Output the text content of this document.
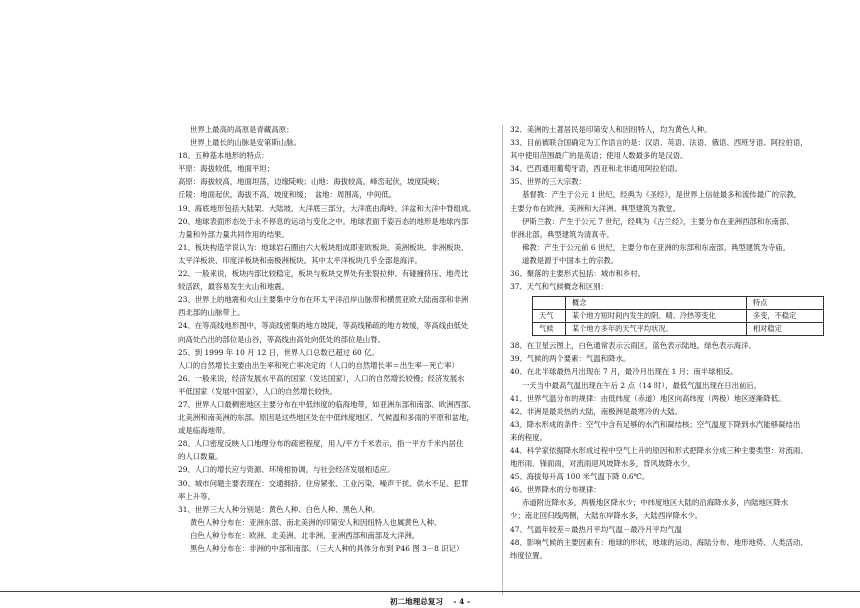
世界上最高的高原是青藏高原；
世界上最长的山脉是安第斯山脉。
18、五种基本地形的特点：
平原：海拔较低，地面平坦；
高原：海拔较高，地面坦荡，边缘陡峻；山地：海拔较高，峰峦起伏，坡度陡峻；
丘陵：地面起伏，海拔不高，坡度和缓；　盆地：周围高，中间低。
19、海底地形包括大陆架、大陆坡、大洋底三部分，大洋底由海岭、洋盆和大洋中脊组成。
20、地球表面形态处于永不停息的运动与变化之中。地球表面千姿百态的地形是地球内部
力量和外部力量共同作用的结果。
21、板块构造学说认为：地球岩石圈由六大板块组成即亚欧板块、美洲板块、非洲板块、
太平洋板块、印度洋板块和南极洲板块。其中太平洋板块几乎全部是海洋。
22、一般来说，板块内部比较稳定，板块与板块交界处有张裂拉伸、有碰撞挤压、地壳比
较活跃，最容易发生火山和地震。
23、世界上的地震和火山主要集中分布在环太平洋沿岸山脉带和横贯亚欧大陆南部和非洲
西北部的山脉带上。
24、在等高线地形图中，等高线密集的地方坡陡，等高线稀疏的地方坡缓，等高线由低处
向高处凸出的部位是山谷，等高线由高处向低处的部位是山脊。
25、到 1999 年 10 月 12 日，世界人口总数已超过 60 亿。
人口的自然增长主要由出生率和死亡率决定的（人口的自然增长率＝出生率－死亡率）
26、一般来说，经济发展水平高的国家（发达国家），人口的自然增长较慢；经济发展水
平低国家（发展中国家），人口的自然增长较快。
27、世界人口最稠密地区主要分布在中低纬度的临海地带，如亚洲东部和南部、欧洲西部、
北美洲和南美洲的东部。原因是这些地区处在中低纬度地区、气候温和多雨的平原和盆地，
或是临海地带。
28、人口密度反映人口地理分布的疏密程度，用人/平方千米表示，指一平方千米内居住
的人口数量。
29、人口的增长应与资源、环境相协调，与社会经济发展相适应。
30、城市问题主要表现在：交通拥挤、住房紧张、工业污染、噪声干扰、供水不足、犯罪
率上升等。
31、世界三大人种分别是：黄色人种、白色人种、黑色人种。
黄色人种分布在：亚洲东部、南北美洲的印第安人和因纽特人也属黄色人种。
白色人种分布在：欧洲、北美洲、北非洲、亚洲西部和南部及大洋洲。
黑色人种分布在：非洲的中部和南部。（三大人种的具体分布到 P46 图 3－8 识记）
32、美洲的土著居民是印第安人和因纽特人，均为黄色人种。
33、目前被联合国确定为工作语言的是：汉语、英语、法语、俄语、西班牙语、阿拉伯语，
其中使用范围最广的是英语；使用人数最多的是汉语。
34、巴西通用葡萄牙语，西亚和北非通用阿拉伯语。
35、世界的三大宗教：
基督教：产生于公元 1 世纪，经典为《圣经》，是世界上信徒最多和流传最广的宗教，
主要分布在欧洲、美洲和大洋洲。典型建筑为教堂。
伊斯兰教：产生于公元 7 世纪，经典为《古兰经》，主要分布在亚洲西部和东南部、
非洲北部。典型建筑为清真寺。
佛教：产生于公元前 6 世纪，主要分布在亚洲的东部和东南部。典型建筑为寺庙。
道教是源于中国本土的宗教。
36、聚落的主要形式包括：城市和乡村。
37、天气和气候概念和区别：
	概念	特点
天气	某个地方短时间内发生的阴、晴、冷热等变化	多变，不稳定
气候	某个地方多年的天气平均状况。	相对稳定
38、在卫星云图上，白色通常表示云雨区，蓝色表示陆地，绿色表示海洋。
39、气候的两个要素：气温和降水。
40、在北半球最热月出现在 7 月，最冷月出现在 1 月；南半球相反。
一天当中最高气温出现在午后 2 点（14 时），最低气温出现在日出前后。
41、世界气温分布的规律：由低纬度（赤道）地区向高纬度（两极）地区逐渐降低。
42、非洲是最炎热的大陆，南极洲是最寒冷的大陆。
43、降水形成的条件：空气中含有足够的水汽和凝结核；空气温度下降到水汽能够凝结出
来的程度。
44、科学家依据降水形成过程中空气上升的原因和形式把降水分成三种主要类型：对流雨、
地形雨、锋面雨，对流雨迎风坡降水多，背风坡降水少。
45、海拔每升高 100 米气温下降 0.6℃。
46、世界降水的分布规律：
赤道附近降水多，两极地区降水少；中纬度地区大陆的沿海降水多，内陆地区降水
少；南北回归线两侧，大陆东岸降水多，大陆西岸降水少。
47、气温年较差＝最热月平均气温－最冷月平均气温
48、影响气候的主要因素有：地球的形状、地球的运动、海陆分布、地形地势、人类活动、
纬度位置。
初二地理总复习　 - 4 -
